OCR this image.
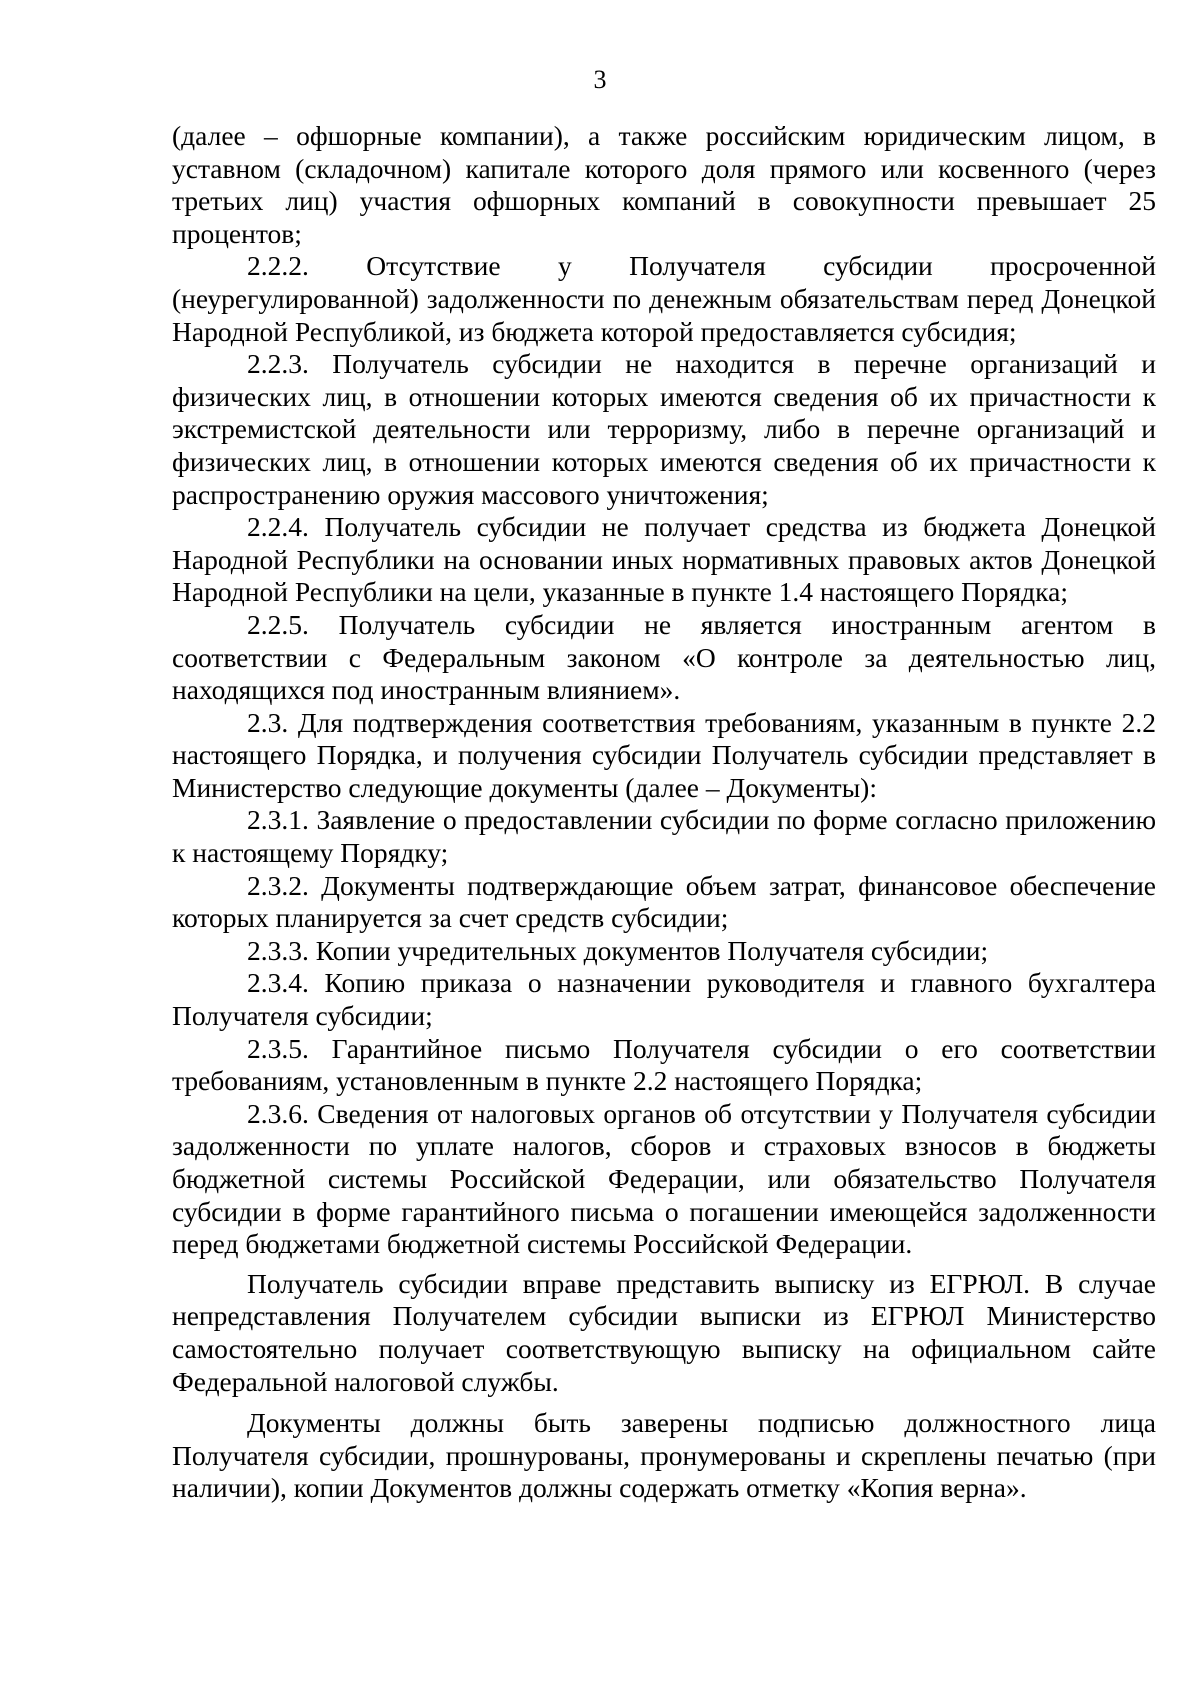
3

(далее – офшорные компании), а также российским юридическим лицом, в уставном (складочном) капитале которого доля прямого или косвенного (через третьих лиц) участия офшорных компаний в совокупности превышает 25 процентов;

2.2.2. Отсутствие у Получателя субсидии просроченной (неурегулированной) задолженности по денежным обязательствам перед Донецкой Народной Республикой, из бюджета которой предоставляется субсидия;

2.2.3. Получатель субсидии не находится в перечне организаций и физических лиц, в отношении которых имеются сведения об их причастности к экстремистской деятельности или терроризму, либо в перечне организаций и физических лиц, в отношении которых имеются сведения об их причастности к распространению оружия массового уничтожения;

2.2.4. Получатель субсидии не получает средства из бюджета Донецкой Народной Республики на основании иных нормативных правовых актов Донецкой Народной Республики на цели, указанные в пункте 1.4 настоящего Порядка;

2.2.5. Получатель субсидии не является иностранным агентом в соответствии с Федеральным законом «О контроле за деятельностью лиц, находящихся под иностранным влиянием».

2.3. Для подтверждения соответствия требованиям, указанным в пункте 2.2 настоящего Порядка, и получения субсидии Получатель субсидии представляет в Министерство следующие документы (далее – Документы):

2.3.1. Заявление о предоставлении субсидии по форме согласно приложению к настоящему Порядку;

2.3.2. Документы подтверждающие объем затрат, финансовое обеспечение которых планируется за счет средств субсидии;

2.3.3. Копии учредительных документов Получателя субсидии;

2.3.4. Копию приказа о назначении руководителя и главного бухгалтера Получателя субсидии;

2.3.5. Гарантийное письмо Получателя субсидии о его соответствии требованиям, установленным в пункте 2.2 настоящего Порядка;

2.3.6. Сведения от налоговых органов об отсутствии у Получателя субсидии задолженности по уплате налогов, сборов и страховых взносов в бюджеты бюджетной системы Российской Федерации, или обязательство Получателя субсидии в форме гарантийного письма о погашении имеющейся задолженности перед бюджетами бюджетной системы Российской Федерации.

Получатель субсидии вправе представить выписку из ЕГРЮЛ. В случае непредставления Получателем субсидии выписки из ЕГРЮЛ Министерство самостоятельно получает соответствующую выписку на официальном сайте Федеральной налоговой службы.

Документы должны быть заверены подписью должностного лица Получателя субсидии, прошнурованы, пронумерованы и скреплены печатью (при наличии), копии Документов должны содержать отметку «Копия верна».
